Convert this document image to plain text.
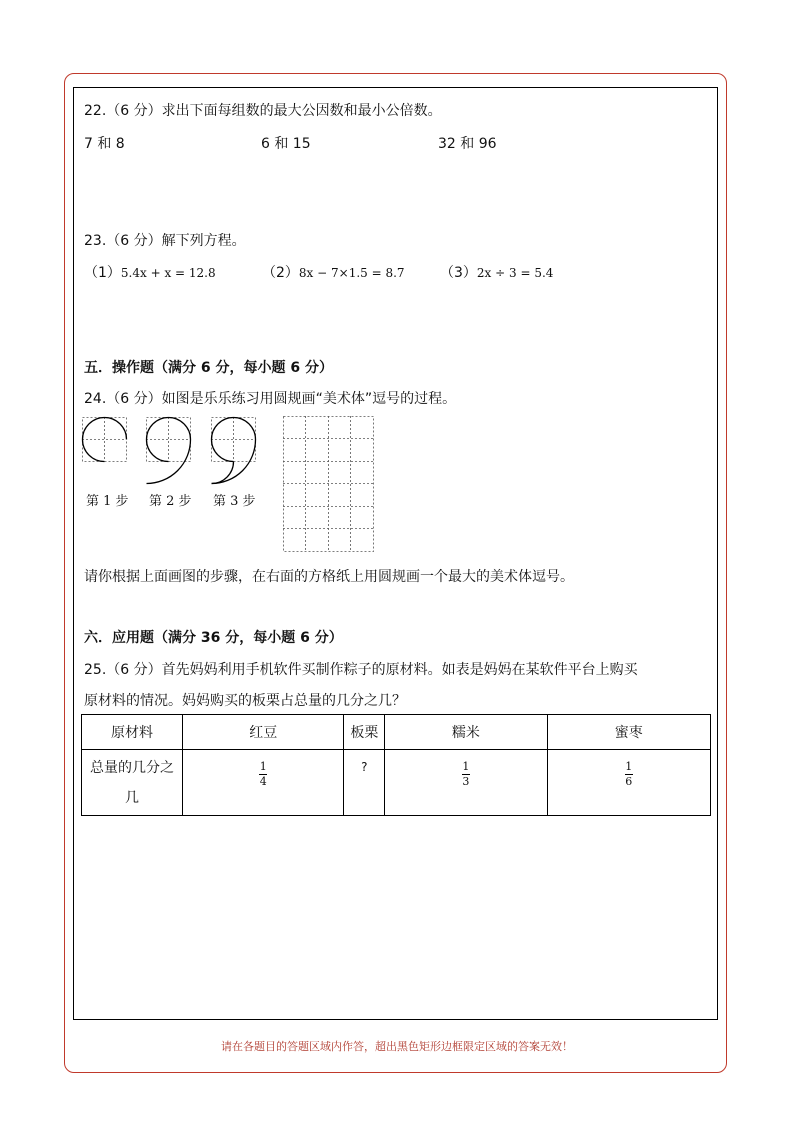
22.（6 分）求出下面每组数的最大公因数和最小公倍数。
7 和 8	6 和 15	32 和 96
23.（6 分）解下列方程。
（1）5.4x + x = 12.8	（2）8x − 7×1.5 = 8.7	（3）2x ÷ 3 = 5.4
五．操作题（满分 6 分，每小题 6 分）
24.（6 分）如图是乐乐练习用圆规画“美术体”逗号的过程。
第 1 步 第 2 步 第 3 步
请你根据上面画图的步骤，在右面的方格纸上用圆规画一个最大的美术体逗号。
六．应用题（满分 36 分，每小题 6 分）
25.（6 分）首先妈妈利用手机软件买制作粽子的原材料。如表是妈妈在某软件平台上购买
原材料的情况。妈妈购买的板栗占总量的几分之几？
原材料	红豆	板栗	糯米	蜜枣
总量的几分之
几	$\frac{1}{4}$	?	$\frac{1}{3}$	$\frac{1}{6}$
请在各题目的答题区域内作答，超出黑色矩形边框限定区域的答案无效！
